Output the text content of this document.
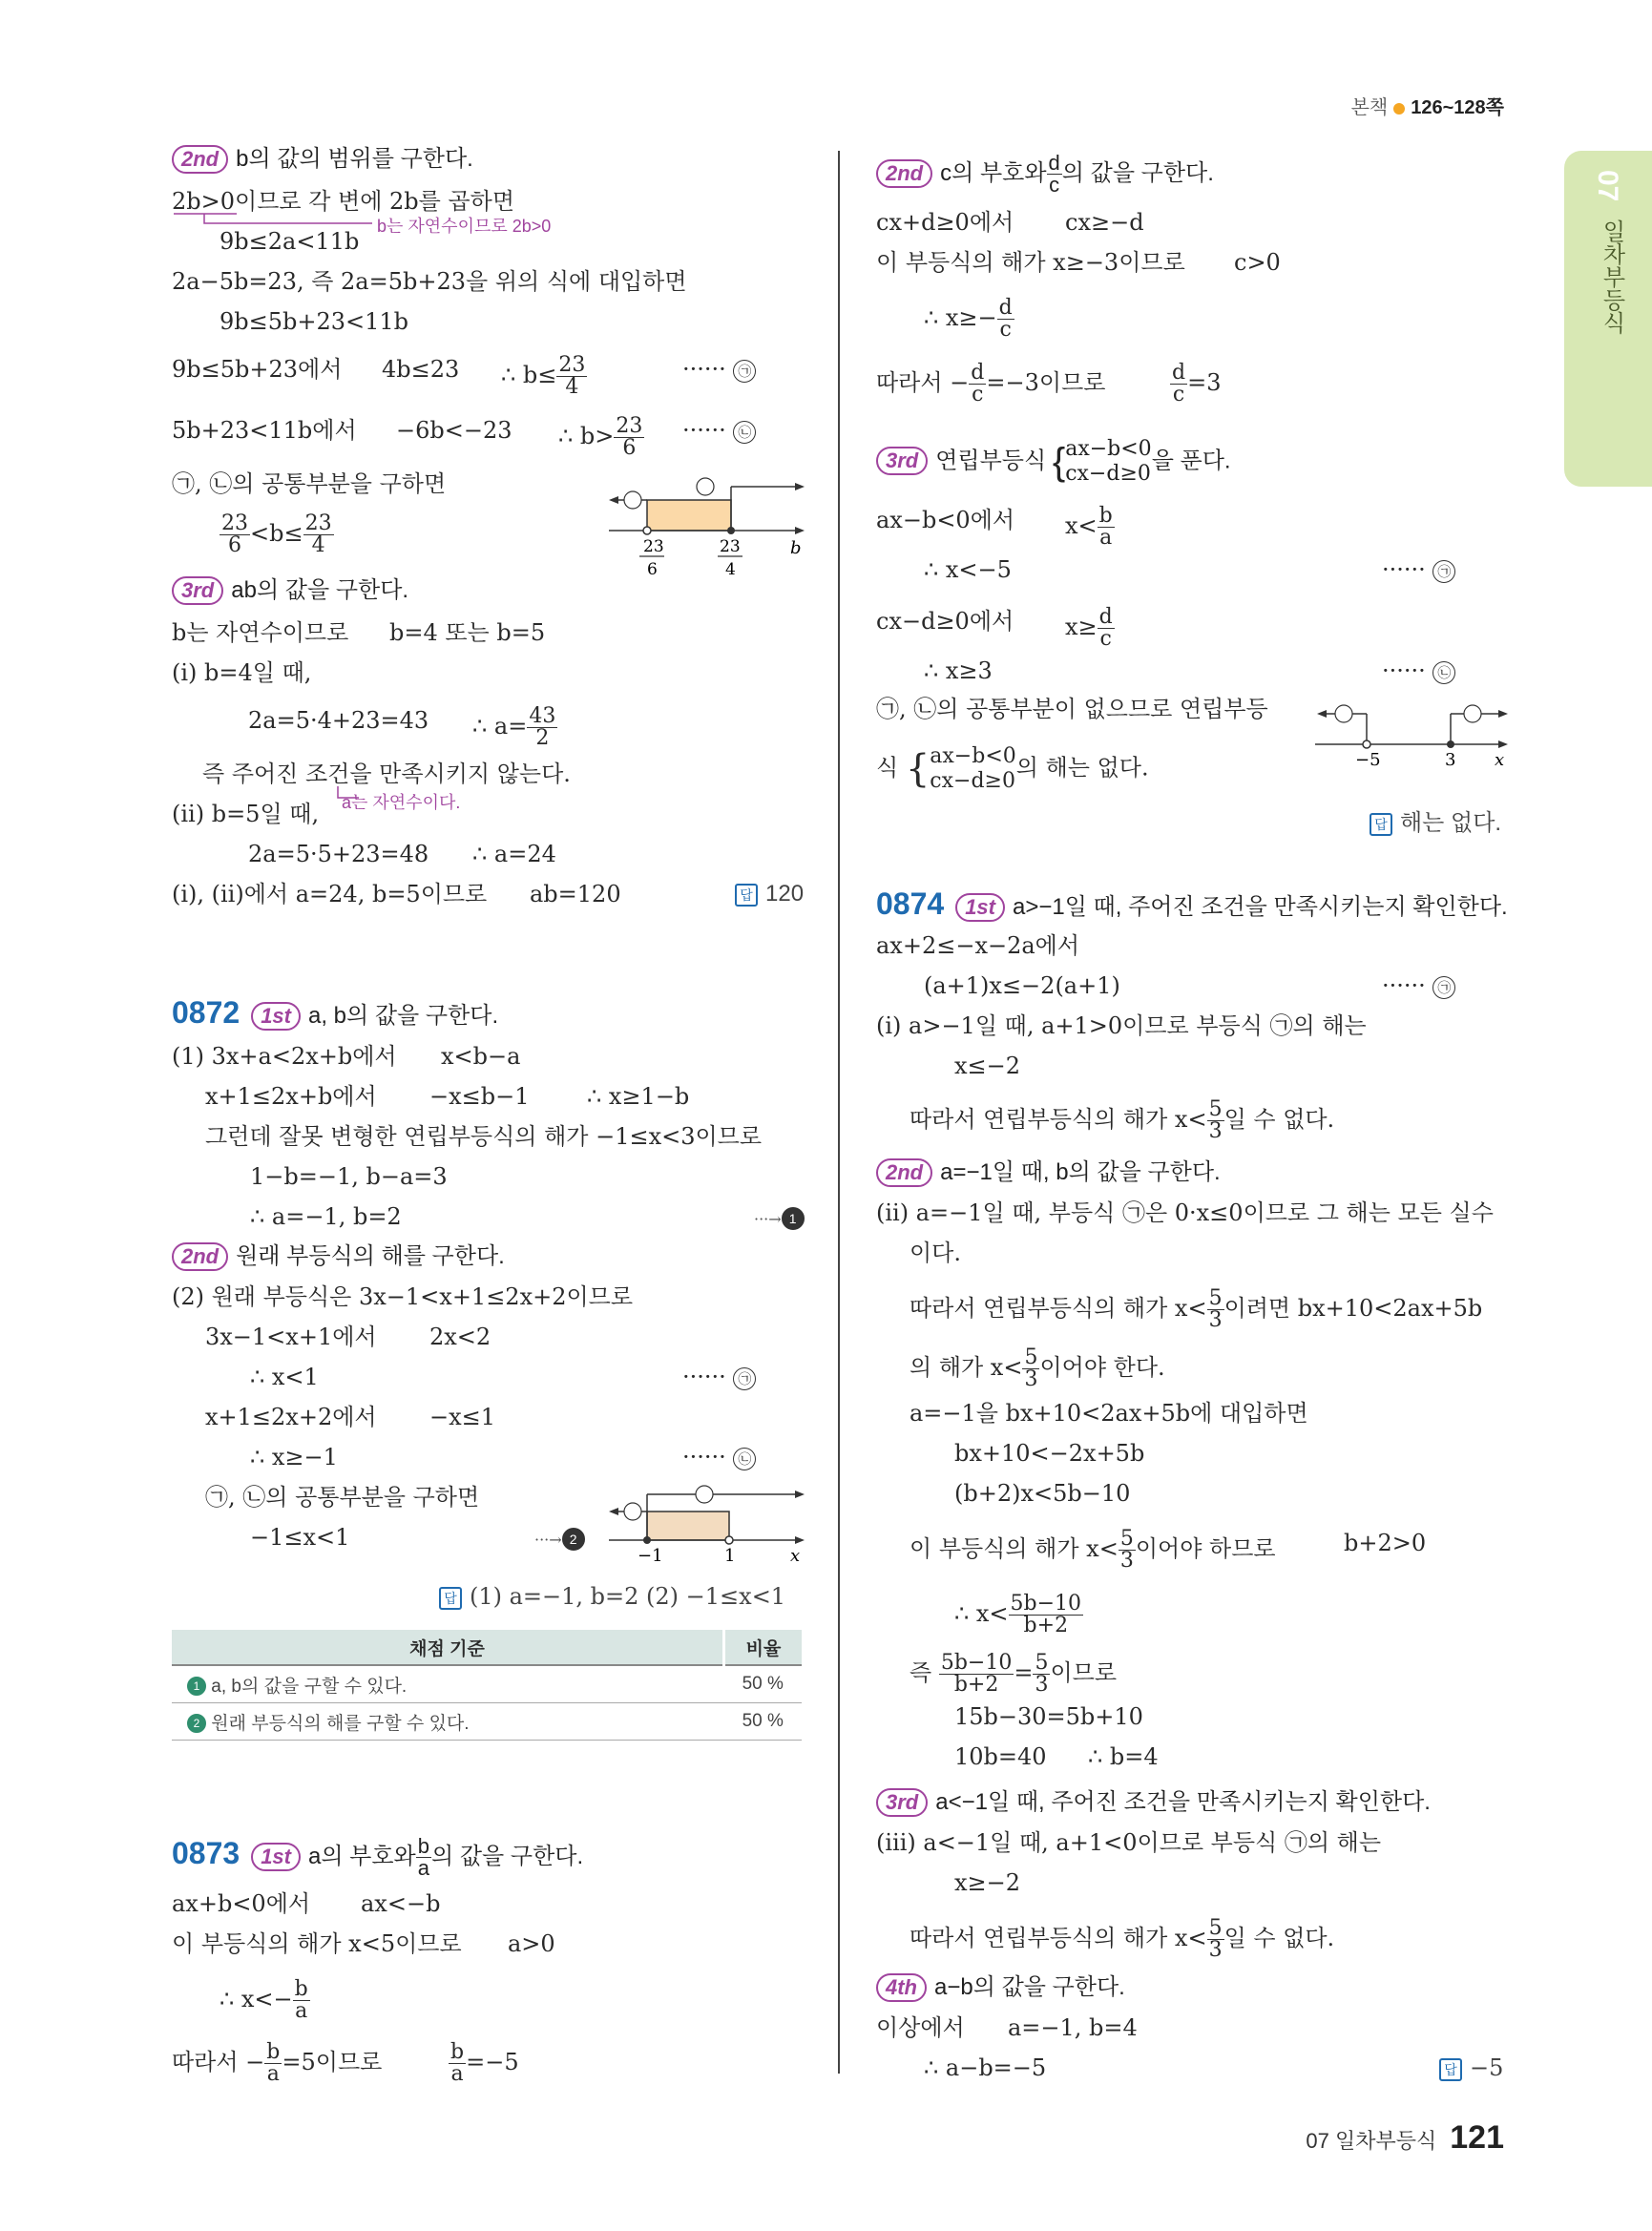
본책 126~128쪽
07
일차부등식
2nd b의 값의 범위를 구한다.
2b>0이므로 각 변에 2b를 곱하면
b는 자연수이므로 2b>0
9b≤2a<11b
2a−5b=23, 즉 2a=5b+23을 위의 식에 대입하면
9b≤5b+23<11b
9b≤5b+23에서 4b≤23 ∴ $b\le \frac{23}{4}$	······ ㉠
5b+23<11b에서 −6b<−23 ∴ $b> \frac{23}{6}$ ······ ㉡
㉠, ㉡의 공통부분을 구하면
$\frac{23}{6} <b\le \frac{23}{4}$	23
6
23
4
b
3rd ab의 값을 구한다.
b는 자연수이므로 b=4 또는 b=5
(ⅰ) b=4일 때,
2a=5·4+23=43 ∴ $a= \frac{43}{2}$
즉 주어진 조건을 만족시키지 않는다.
a는 자연수이다.
(ⅱ) b=5일 때,
2a=5·5+23=48 ∴ a=24
(ⅰ), (ⅱ)에서 a=24, b=5이므로 ab=120	답 120
0872 1st a, b의 값을 구한다.
(1) 3x+a<2x+b에서 x<b−a
x+1≤2x+b에서 −x≤b−1	∴ x≥1−b
그런데 잘못 변형한 연립부등식의 해가 −1≤x<3이므로
1−b=−1, b−a=3
∴ a=−1, b=2	···→ 1
2nd 원래 부등식의 해를 구한다.
(2) 원래 부등식은 3x−1<x+1≤2x+2이므로
3x−1<x+1에서 2x<2
∴ x<1	······ ㉠
x+1≤2x+2에서 −x≤1
∴ x≥−1	······ ㉡
㉠, ㉡의 공통부분을 구하면
−1≤x<1	···→ 2
−1	1	x
답 (1) a=−1, b=2 (2) −1≤x<1
채점 기준	비율
1 a, b의 값을 구할 수 있다.	50 %
2 원래 부등식의 해를 구할 수 있다.	50 %
0873 1st a의 부호와 $\frac{b}{a}$ 의 값을 구한다.
ax+b<0에서 ax<−b
이 부등식의 해가 x<5이므로 a>0
∴ $x<- \frac{b}{a}$
따라서 − $\frac{b}{a} =5$이므로	$\frac{b}{a} =-5$
2nd c의 부호와 $\frac{d}{c}$ 의 값을 구한다.
cx+d≥0에서 cx≥−d
이 부등식의 해가 x≥−3이므로 c>0
∴ $x\ge- \frac{d}{c}$
따라서 − $\frac{d}{c} =-3$이므로	$\frac{d}{c} =3$
3rd 연립부등식 { ax−b<0
cx−d≥0
을 푼다.
ax−b<0에서 $x< \frac{b}{a}$
∴ x<−5	······ ㉠
cx−d≥0에서 $x\ge \frac{d}{c}$
∴ x≥3	······ ㉡
㉠, ㉡의 공통부분이 없으므로 연립부등
식 { ax−b<0
cx−d≥0 의 해는 없다.	−5	3 x
답 해는 없다.
0874 1st a>−1일 때, 주어진 조건을 만족시키는지 확인한다.
ax+2≤−x−2a에서
(a+1)x≤−2(a+1)	······ ㉠
(ⅰ) a>−1일 때, a+1>0이므로 부등식 ㉠의 해는
x≤−2
따라서 연립부등식의 해가 $x< \frac{5}{3}$ 일 수 없다.
2nd a=−1일 때, b의 값을 구한다.
(ⅱ) a=−1일 때, 부등식 ㉠은 0·x≤0이므로 그 해는 모든 실수
이다.
따라서 연립부등식의 해가 $x< \frac{5}{3}$ 이려면 bx+10<2ax+5b
의 해가 $x< \frac{5}{3}$ 이어야 한다.
a=−1을 bx+10<2ax+5b에 대입하면
bx+10<−2x+5b
(b+2)x<5b−10
이 부등식의 해가 $x< \frac{5}{3}$ 이어야 하므로	b+2>0
∴ $x< \frac{5b-10}{b+2}$
즉 $\frac{5b-10}{b+2} = \frac{5}{3}$ 이므로
15b−30=5b+10
10b=40 ∴ b=4
3rd a<−1일 때, 주어진 조건을 만족시키는지 확인한다.
(ⅲ) a<−1일 때, a+1<0이므로 부등식 ㉠의 해는
x≥−2
따라서 연립부등식의 해가 $x< \frac{5}{3}$ 일 수 없다.
4th a−b의 값을 구한다.
이상에서 a=−1, b=4
∴ a−b=−5	답 −5
07 일차부등식 121
